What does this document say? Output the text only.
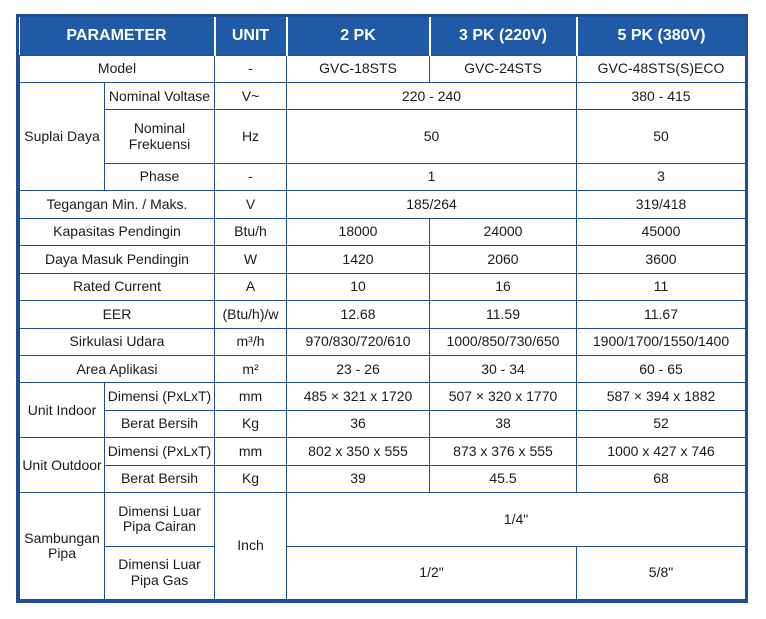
PARAMETER		UNIT	2 PK	3 PK (220V)	5 PK (380V)
Model		-	GVC-18STS	GVC-24STS	GVC-48STS(S)ECO
Suplai Daya	Nominal Voltase	V~	220 - 240		380 - 415
	Nominal Frekuensi	Hz	50		50
	Phase	-	1		3
Tegangan Min. / Maks.		V	185/264		319/418
Kapasitas Pendingin		Btu/h	18000	24000	45000
Daya Masuk Pendingin		W	1420	2060	3600
Rated Current		A	10	16	11
EER		(Btu/h)/w	12.68	11.59	11.67
Sirkulasi Udara		m³/h	970/830/720/610	1000/850/730/650	1900/1700/1550/1400
Area Aplikasi		m²	23 - 26	30 - 34	60 - 65
Unit Indoor	Dimensi (PxLxT)	mm	485 × 321 x 1720	507 × 320 x 1770	587 × 394 x 1882
	Berat Bersih	Kg	36	38	52
Unit Outdoor	Dimensi (PxLxT)	mm	802 x 350 x 555	873 x 376 x 555	1000 x 427 x 746
	Berat Bersih	Kg	39	45.5	68
Sambungan Pipa	Dimensi Luar Pipa Cairan	Inch	1/4"		
	Dimensi Luar Pipa Gas		1/2"		5/8"
